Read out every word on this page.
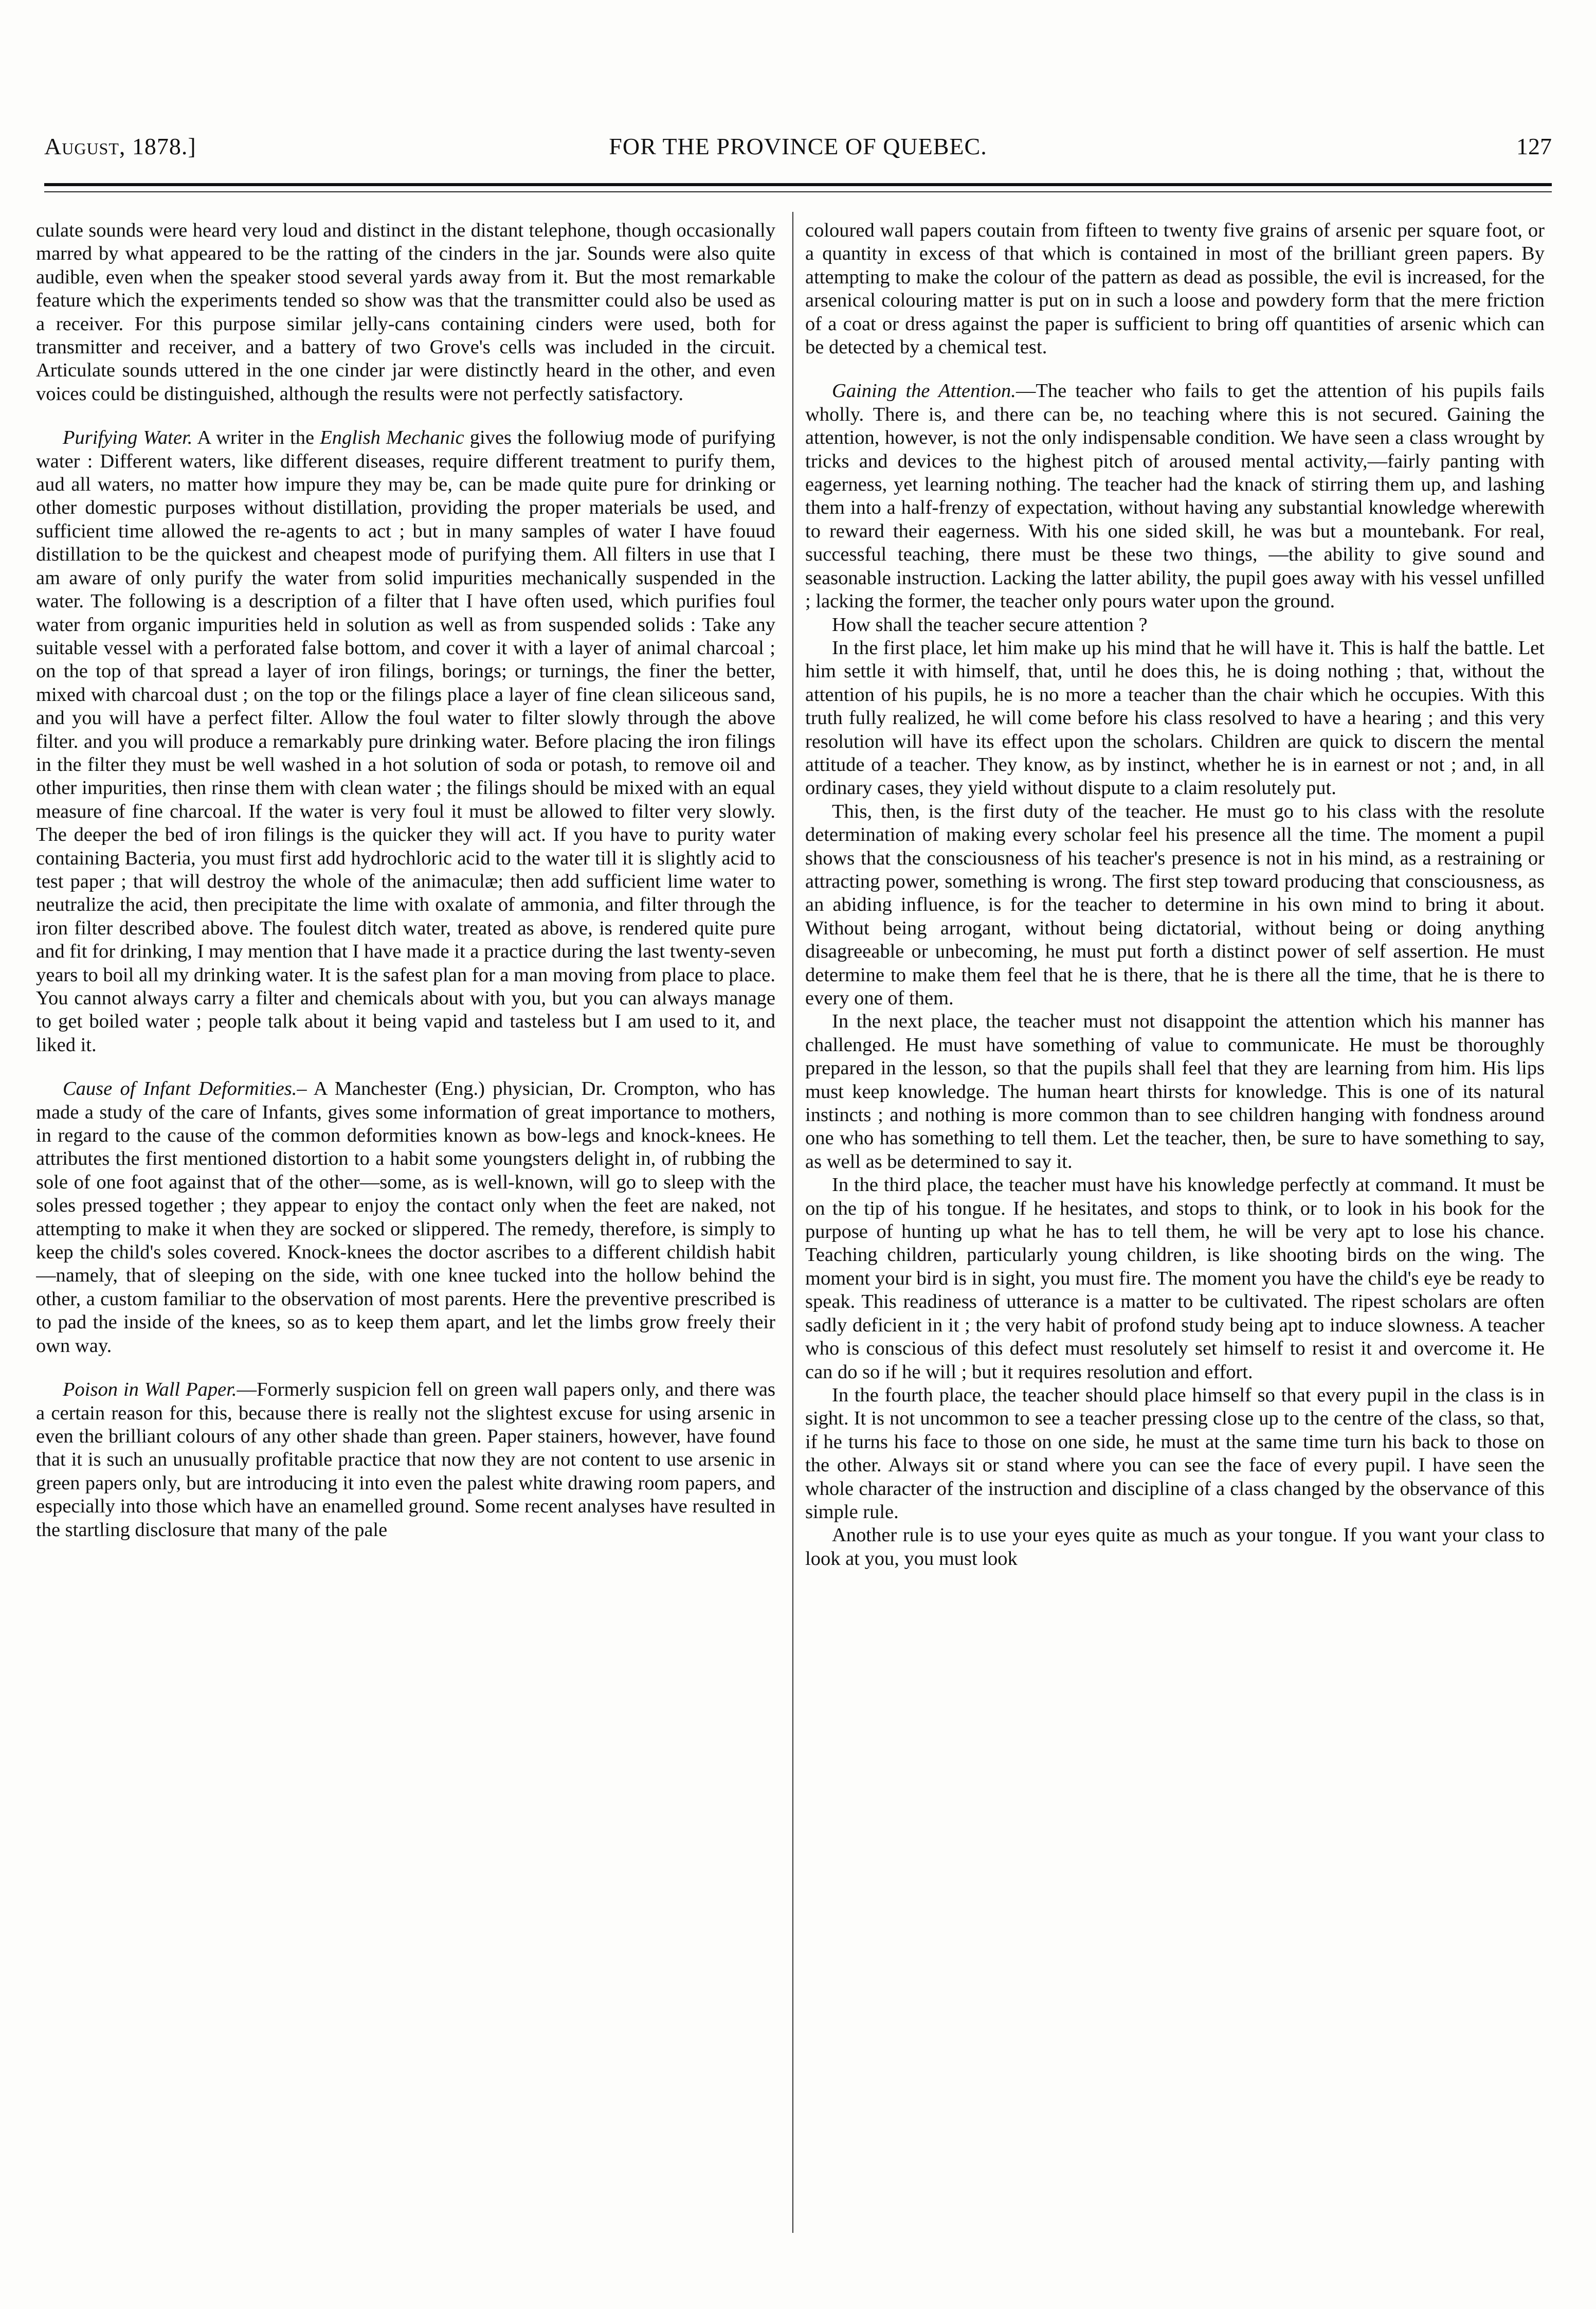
August, 1878.]	FOR THE PROVINCE OF QUEBEC.	127

culate sounds were heard very loud and distinct in the distant telephone, though occasionally marred by what appeared to be the ratting of the cinders in the jar. Sounds were also quite audible, even when the speaker stood several yards away from it. But the most remarkable feature which the experiments tended so show was that the transmitter could also be used as a receiver. For this purpose similar jelly-cans containing cinders were used, both for transmitter and receiver, and a battery of two Grove's cells was included in the circuit. Articulate sounds uttered in the one cinder jar were distinctly heard in the other, and even voices could be distinguished, although the results were not perfectly satisfactory.

Purifying Water. A writer in the English Mechanic gives the followiug mode of purifying water : Different waters, like different diseases, require different treatment to purify them, aud all waters, no matter how impure they may be, can be made quite pure for drinking or other domestic purposes without distillation, providing the proper materials be used, and sufficient time allowed the re-agents to act ; but in many samples of water I have fouud distillation to be the quickest and cheapest mode of purifying them. All filters in use that I am aware of only purify the water from solid impurities mechanically suspended in the water. The following is a description of a filter that I have often used, which purifies foul water from organic impurities held in solution as well as from suspended solids : Take any suitable vessel with a perforated false bottom, and cover it with a layer of animal charcoal ; on the top of that spread a layer of iron filings, borings; or turnings, the finer the better, mixed with charcoal dust ; on the top or the filings place a layer of fine clean siliceous sand, and you will have a perfect filter. Allow the foul water to filter slowly through the above filter. and you will produce a remarkably pure drinking water. Before placing the iron filings in the filter they must be well washed in a hot solution of soda or potash, to remove oil and other impurities, then rinse them with clean water ; the filings should be mixed with an equal measure of fine charcoal. If the water is very foul it must be allowed to filter very slowly. The deeper the bed of iron filings is the quicker they will act. If you have to purity water containing Bacteria, you must first add hydrochloric acid to the water till it is slightly acid to test paper ; that will destroy the whole of the animaculæ; then add sufficient lime water to neutralize the acid, then precipitate the lime with oxalate of ammonia, and filter through the iron filter described above. The foulest ditch water, treated as above, is rendered quite pure and fit for drinking, I may mention that I have made it a practice during the last twenty-seven years to boil all my drinking water. It is the safest plan for a man moving from place to place. You cannot always carry a filter and chemicals about with you, but you can always manage to get boiled water ; people talk about it being vapid and tasteless but I am used to it, and liked it.

Cause of Infant Deformities.– A Manchester (Eng.) physician, Dr. Crompton, who has made a study of the care of Infants, gives some information of great importance to mothers, in regard to the cause of the common deformities known as bow-legs and knock-knees. He attributes the first mentioned distortion to a habit some youngsters delight in, of rubbing the sole of one foot against that of the other—some, as is well-known, will go to sleep with the soles pressed together ; they appear to enjoy the contact only when the feet are naked, not attempting to make it when they are socked or slippered. The remedy, therefore, is simply to keep the child's soles covered. Knock-knees the doctor ascribes to a different childish habit—namely, that of sleeping on the side, with one knee tucked into the hollow behind the other, a custom familiar to the observation of most parents. Here the preventive prescribed is to pad the inside of the knees, so as to keep them apart, and let the limbs grow freely their own way.

Poison in Wall Paper.—Formerly suspicion fell on green wall papers only, and there was a certain reason for this, because there is really not the slightest excuse for using arsenic in even the brilliant colours of any other shade than green. Paper stainers, however, have found that it is such an unusually profitable practice that now they are not content to use arsenic in green papers only, but are introducing it into even the palest white drawing room papers, and especially into those which have an enamelled ground. Some recent analyses have resulted in the startling disclosure that many of the pale

coloured wall papers coutain from fifteen to twenty five grains of arsenic per square foot, or a quantity in excess of that which is contained in most of the brilliant green papers. By attempting to make the colour of the pattern as dead as possible, the evil is increased, for the arsenical colouring matter is put on in such a loose and powdery form that the mere friction of a coat or dress against the paper is sufficient to bring off quantities of arsenic which can be detected by a chemical test.

Gaining the Attention.—The teacher who fails to get the attention of his pupils fails wholly. There is, and there can be, no teaching where this is not secured. Gaining the attention, however, is not the only indispensable condition. We have seen a class wrought by tricks and devices to the highest pitch of aroused mental activity,—fairly panting with eagerness, yet learning nothing. The teacher had the knack of stirring them up, and lashing them into a half-frenzy of expectation, without having any substantial knowledge wherewith to reward their eagerness. With his one sided skill, he was but a mountebank. For real, successful teaching, there must be these two things, —the ability to give sound and seasonable instruction. Lacking the latter ability, the pupil goes away with his vessel unfilled ; lacking the former, the teacher only pours water upon the ground.

How shall the teacher secure attention ?

In the first place, let him make up his mind that he will have it. This is half the battle. Let him settle it with himself, that, until he does this, he is doing nothing ; that, without the attention of his pupils, he is no more a teacher than the chair which he occupies. With this truth fully realized, he will come before his class resolved to have a hearing ; and this very resolution will have its effect upon the scholars. Children are quick to discern the mental attitude of a teacher. They know, as by instinct, whether he is in earnest or not ; and, in all ordinary cases, they yield without dispute to a claim resolutely put.

This, then, is the first duty of the teacher. He must go to his class with the resolute determination of making every scholar feel his presence all the time. The moment a pupil shows that the consciousness of his teacher's presence is not in his mind, as a restraining or attracting power, something is wrong. The first step toward producing that consciousness, as an abiding influence, is for the teacher to determine in his own mind to bring it about. Without being arrogant, without being dictatorial, without being or doing anything disagreeable or unbecoming, he must put forth a distinct power of self assertion. He must determine to make them feel that he is there, that he is there all the time, that he is there to every one of them.

In the next place, the teacher must not disappoint the attention which his manner has challenged. He must have something of value to communicate. He must be thoroughly prepared in the lesson, so that the pupils shall feel that they are learning from him. His lips must keep knowledge. The human heart thirsts for knowledge. This is one of its natural instincts ; and nothing is more common than to see children hanging with fondness around one who has something to tell them. Let the teacher, then, be sure to have something to say, as well as be determined to say it.

In the third place, the teacher must have his knowledge perfectly at command. It must be on the tip of his tongue. If he hesitates, and stops to think, or to look in his book for the purpose of hunting up what he has to tell them, he will be very apt to lose his chance. Teaching children, particularly young children, is like shooting birds on the wing. The moment your bird is in sight, you must fire. The moment you have the child's eye be ready to speak. This readiness of utterance is a matter to be cultivated. The ripest scholars are often sadly deficient in it ; the very habit of profond study being apt to induce slowness. A teacher who is conscious of this defect must resolutely set himself to resist it and overcome it. He can do so if he will ; but it requires resolution and effort.

In the fourth place, the teacher should place himself so that every pupil in the class is in sight. It is not uncommon to see a teacher pressing close up to the centre of the class, so that, if he turns his face to those on one side, he must at the same time turn his back to those on the other. Always sit or stand where you can see the face of every pupil. I have seen the whole character of the instruction and discipline of a class changed by the observance of this simple rule.

Another rule is to use your eyes quite as much as your tongue. If you want your class to look at you, you must look
